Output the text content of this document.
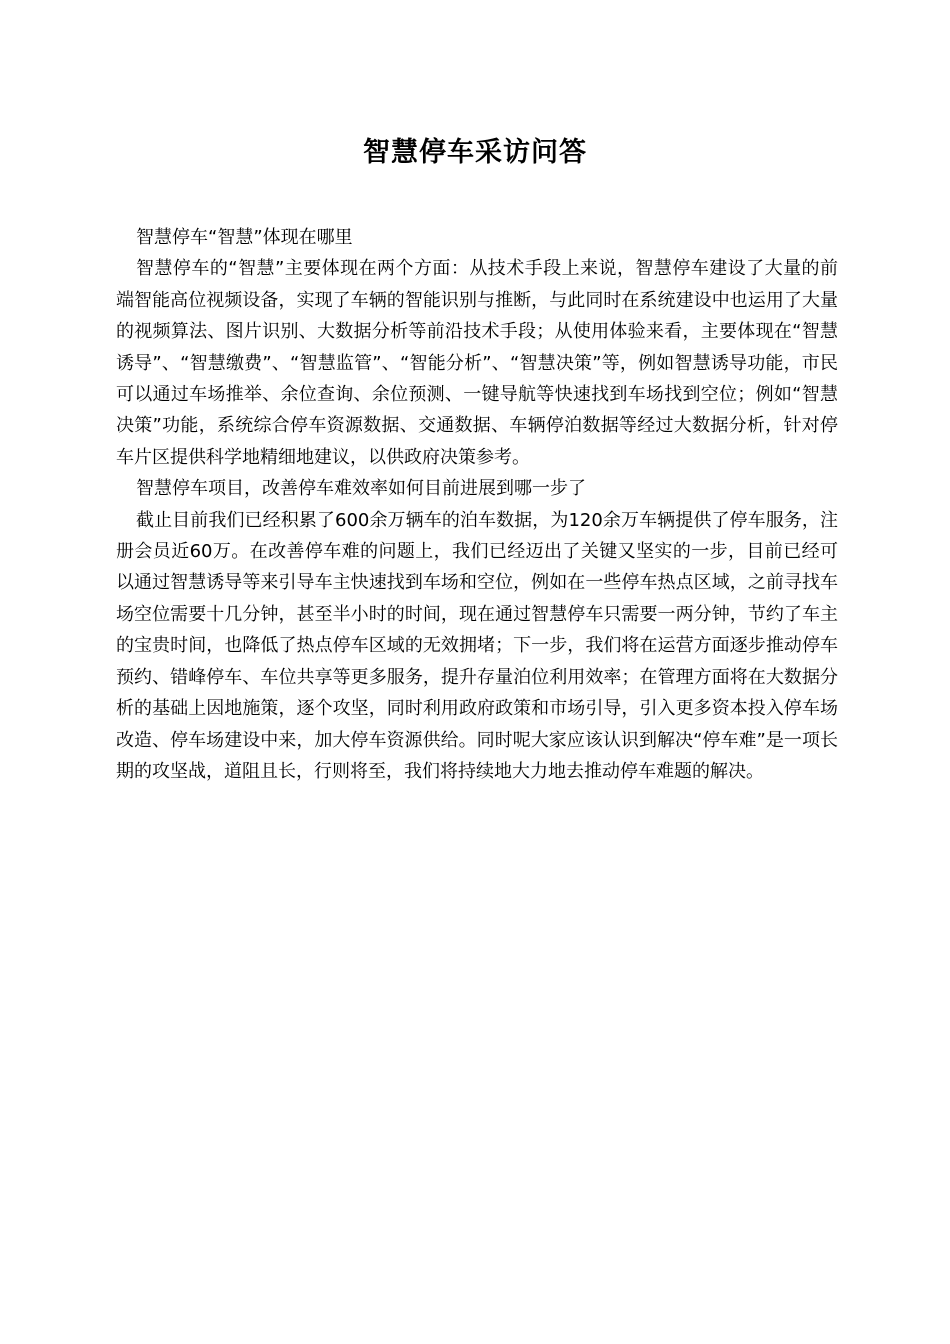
智慧停车采访问答

智慧停车“智慧”体现在哪里

智慧停车的“智慧”主要体现在两个方面：从技术手段上来说，智慧停车建设了大量的前端智能高位视频设备，实现了车辆的智能识别与推断，与此同时在系统建设中也运用了大量的视频算法、图片识别、大数据分析等前沿技术手段；从使用体验来看，主要体现在“智慧诱导”、“智慧缴费”、“智慧监管”、“智能分析”、“智慧决策”等，例如智慧诱导功能，市民可以通过车场推举、余位查询、余位预测、一键导航等快速找到车场找到空位；例如“智慧决策”功能，系统综合停车资源数据、交通数据、车辆停泊数据等经过大数据分析，针对停车片区提供科学地精细地建议，以供政府决策参考。

智慧停车项目，改善停车难效率如何目前进展到哪一步了

截止目前我们已经积累了600余万辆车的泊车数据，为120余万车辆提供了停车服务，注册会员近60万。在改善停车难的问题上，我们已经迈出了关键又坚实的一步，目前已经可以通过智慧诱导等来引导车主快速找到车场和空位，例如在一些停车热点区域，之前寻找车场空位需要十几分钟，甚至半小时的时间，现在通过智慧停车只需要一两分钟，节约了车主的宝贵时间，也降低了热点停车区域的无效拥堵；下一步，我们将在运营方面逐步推动停车预约、错峰停车、车位共享等更多服务，提升存量泊位利用效率；在管理方面将在大数据分析的基础上因地施策，逐个攻坚，同时利用政府政策和市场引导，引入更多资本投入停车场改造、停车场建设中来，加大停车资源供给。同时呢大家应该认识到解决“停车难”是一项长期的攻坚战，道阻且长，行则将至，我们将持续地大力地去推动停车难题的解决。
